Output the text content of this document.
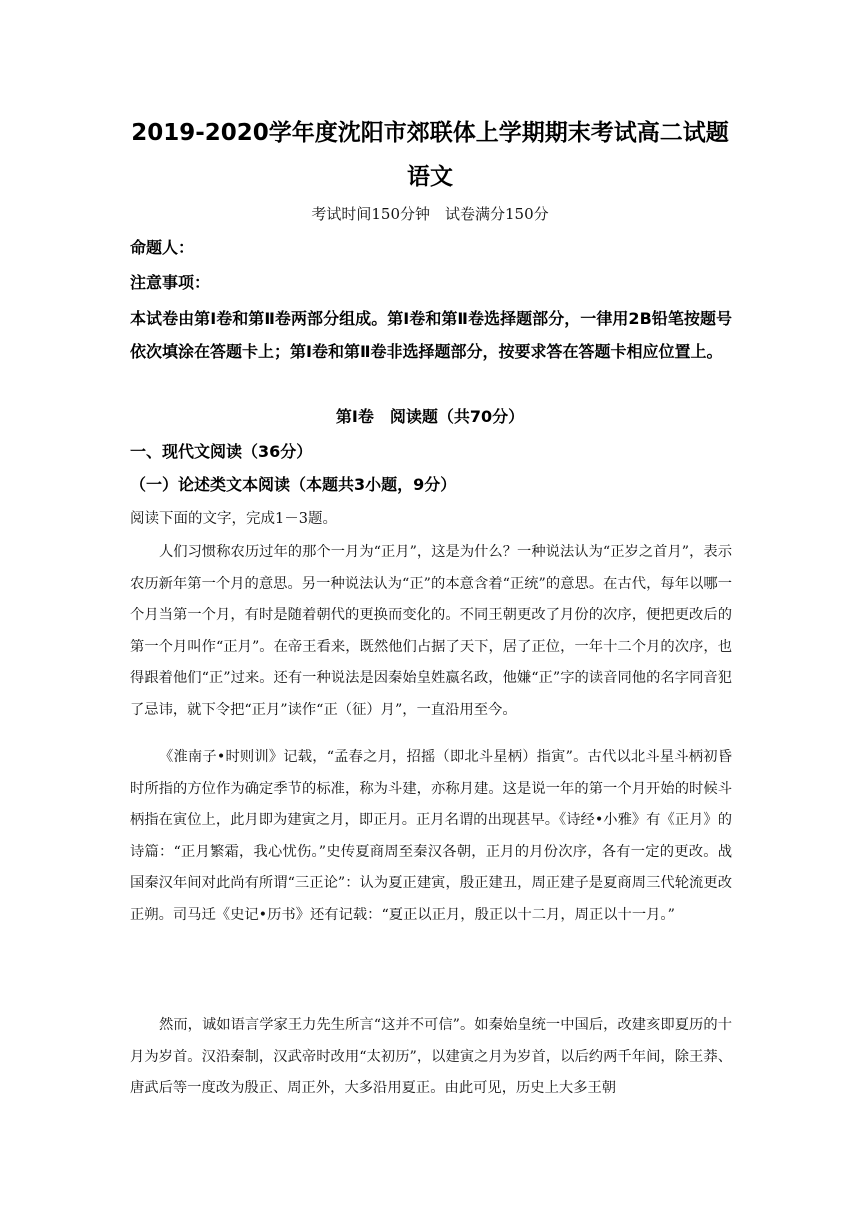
2019-2020学年度沈阳市郊联体上学期期末考试高二试题
语文
考试时间150分钟　试卷满分150分
命题人：
注意事项：
本试卷由第Ⅰ卷和第Ⅱ卷两部分组成。第Ⅰ卷和第Ⅱ卷选择题部分，一律用2B铅笔按题号依次填涂在答题卡上；第Ⅰ卷和第Ⅱ卷非选择题部分，按要求答在答题卡相应位置上。
第Ⅰ卷　阅读题（共70分）
一、现代文阅读（36分）
（一）论述类文本阅读（本题共3小题，9分）
阅读下面的文字，完成1－3题。

人们习惯称农历过年的那个一月为“正月”，这是为什么？一种说法认为“正岁之首月”，表示农历新年第一个月的意思。另一种说法认为“正”的本意含着“正统”的意思。在古代，每年以哪一个月当第一个月，有时是随着朝代的更换而变化的。不同王朝更改了月份的次序，便把更改后的第一个月叫作“正月”。在帝王看来，既然他们占据了天下，居了正位，一年十二个月的次序，也得跟着他们“正”过来。还有一种说法是因秦始皇姓嬴名政，他嫌“正”字的读音同他的名字同音犯了忌讳，就下令把“正月”读作“正（征）月”，一直沿用至今。

《淮南子•时则训》记载，“孟春之月，招摇（即北斗星柄）指寅”。古代以北斗星斗柄初昏时所指的方位作为确定季节的标准，称为斗建，亦称月建。这是说一年的第一个月开始的时候斗柄指在寅位上，此月即为建寅之月，即正月。正月名谓的出现甚早。《诗经•小雅》有《正月》的诗篇：“正月繁霜，我心忧伤。”史传夏商周至秦汉各朝，正月的月份次序，各有一定的更改。战国秦汉年间对此尚有所谓“三正论”：认为夏正建寅，殷正建丑，周正建子是夏商周三代轮流更改正朔。司马迁《史记•历书》还有记载：“夏正以正月，殷正以十二月，周正以十一月。”

然而，诚如语言学家王力先生所言“这并不可信”。如秦始皇统一中国后，改建亥即夏历的十月为岁首。汉沿秦制，汉武帝时改用“太初历”，以建寅之月为岁首，以后约两千年间，除王莽、唐武后等一度改为殷正、周正外，大多沿用夏正。由此可见，历史上大多王朝
